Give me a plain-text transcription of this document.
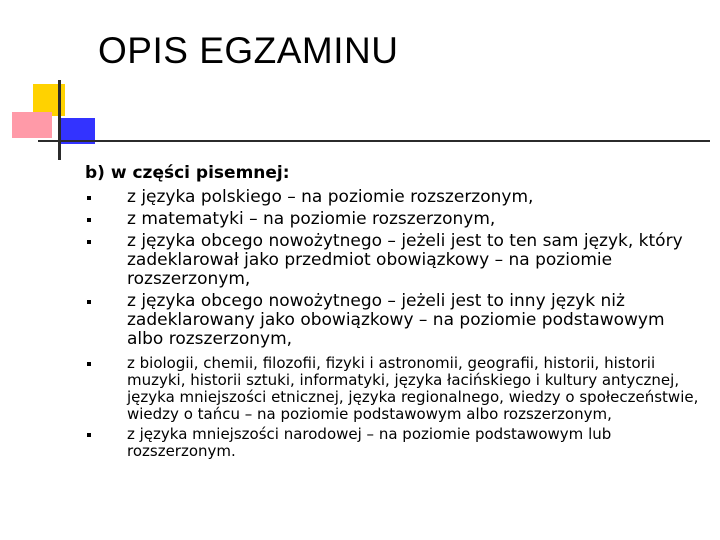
OPIS EGZAMINU
b) w części pisemnej:
z języka polskiego – na poziomie rozszerzonym,
z matematyki – na poziomie rozszerzonym,
z języka obcego nowożytnego – jeżeli jest to ten sam język, który zadeklarował jako przedmiot obowiązkowy – na poziomie rozszerzonym,
z języka obcego nowożytnego – jeżeli jest to inny język niż zadeklarowany jako obowiązkowy – na poziomie podstawowym albo rozszerzonym,
z biologii, chemii, filozofii, fizyki i astronomii, geografii, historii, historii muzyki, historii sztuki, informatyki, języka łacińskiego i kultury antycznej, języka mniejszości etnicznej, języka regionalnego, wiedzy o społeczeństwie, wiedzy o tańcu – na poziomie podstawowym albo rozszerzonym,
z języka mniejszości narodowej – na poziomie podstawowym lub rozszerzonym.
